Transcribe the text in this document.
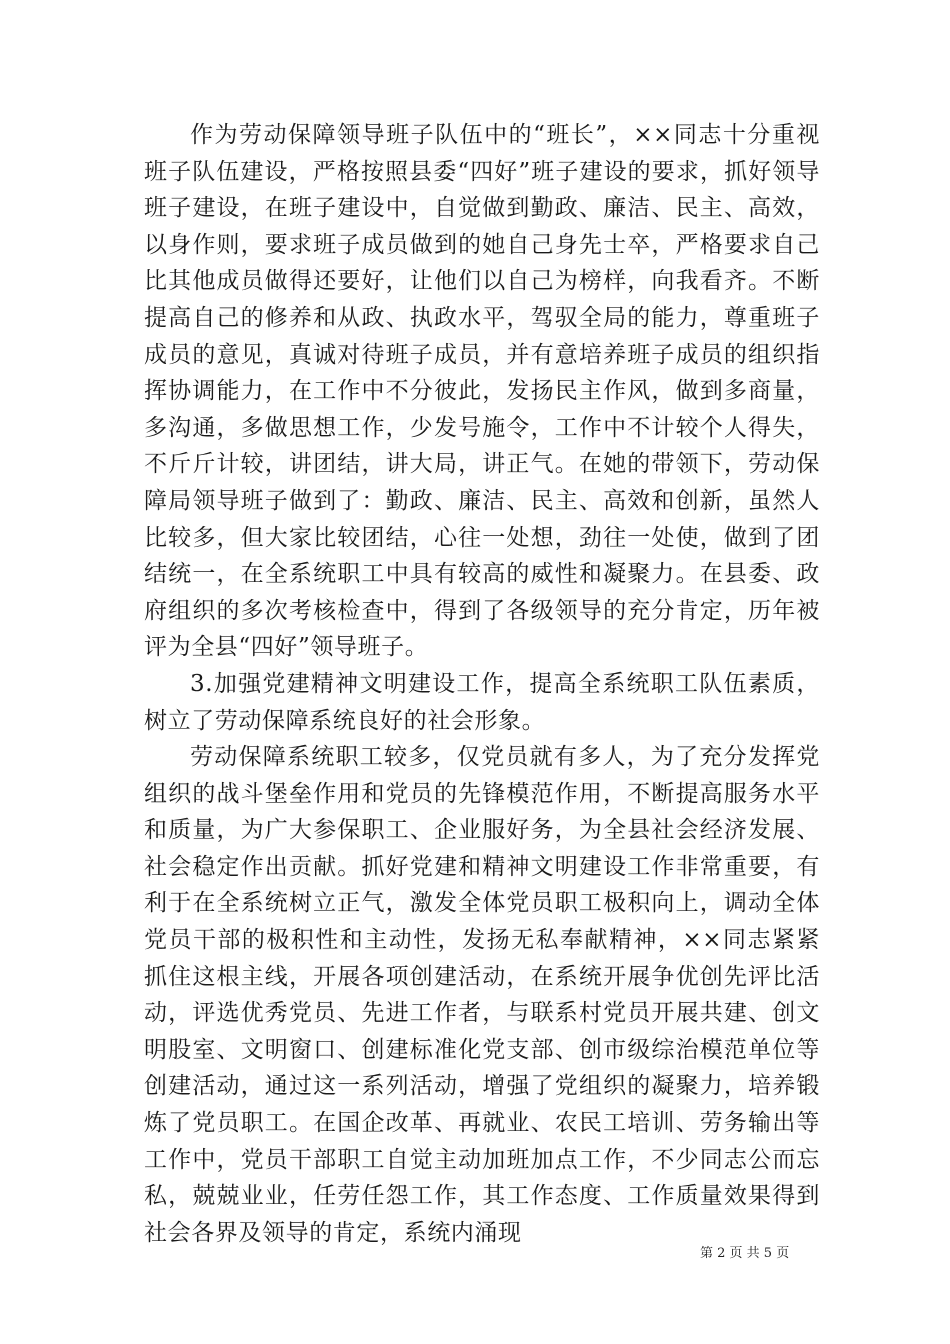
作为劳动保障领导班子队伍中的“班长”，××同志十分重视班子队伍建设，严格按照县委“四好”班子建设的要求，抓好领导班子建设，在班子建设中，自觉做到勤政、廉洁、民主、高效，以身作则，要求班子成员做到的她自己身先士卒，严格要求自己比其他成员做得还要好，让他们以自己为榜样，向我看齐。不断提高自己的修养和从政、执政水平，驾驭全局的能力，尊重班子成员的意见，真诚对待班子成员，并有意培养班子成员的组织指挥协调能力，在工作中不分彼此，发扬民主作风，做到多商量，多沟通，多做思想工作，少发号施令，工作中不计较个人得失，不斤斤计较，讲团结，讲大局，讲正气。在她的带领下，劳动保障局领导班子做到了：勤政、廉洁、民主、高效和创新，虽然人比较多，但大家比较团结，心往一处想，劲往一处使，做到了团结统一，在全系统职工中具有较高的威性和凝聚力。在县委、政府组织的多次考核检查中，得到了各级领导的充分肯定，历年被评为全县“四好”领导班子。

3.加强党建精神文明建设工作，提高全系统职工队伍素质，树立了劳动保障系统良好的社会形象。

劳动保障系统职工较多，仅党员就有多人，为了充分发挥党组织的战斗堡垒作用和党员的先锋模范作用，不断提高服务水平和质量，为广大参保职工、企业服好务，为全县社会经济发展、社会稳定作出贡献。抓好党建和精神文明建设工作非常重要，有利于在全系统树立正气，激发全体党员职工极积向上，调动全体党员干部的极积性和主动性，发扬无私奉献精神，××同志紧紧抓住这根主线，开展各项创建活动，在系统开展争优创先评比活动，评选优秀党员、先进工作者，与联系村党员开展共建、创文明股室、文明窗口、创建标准化党支部、创市级综治模范单位等创建活动，通过这一系列活动，增强了党组织的凝聚力，培养锻炼了党员职工。在国企改革、再就业、农民工培训、劳务输出等工作中，党员干部职工自觉主动加班加点工作，不少同志公而忘私，兢兢业业，任劳任怨工作，其工作态度、工作质量效果得到社会各界及领导的肯定，系统内涌现

第 2 页 共 5 页
